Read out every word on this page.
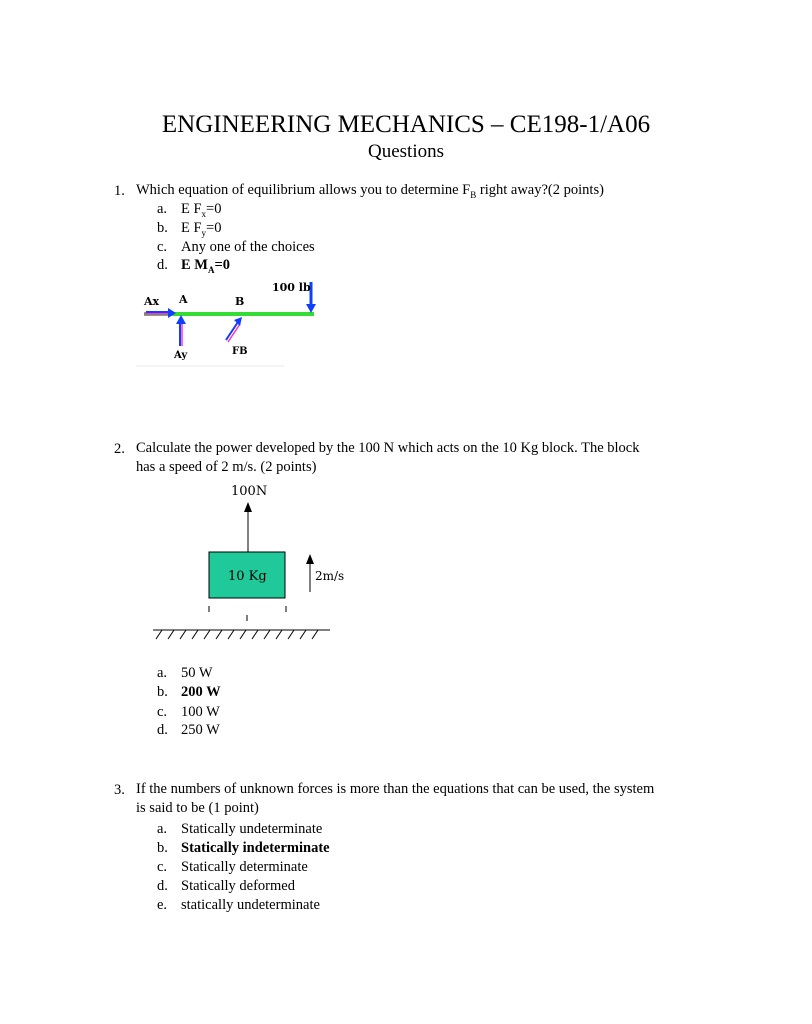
ENGINEERING MECHANICS – CE198-1/A06
Questions
1. Which equation of equilibrium allows you to determine $F_B$ right away?(2 points)
a. E $F_x=0$
b. E $F_y=0$
c. Any one of the choices
d. E $M_A=0$
100 lb
Ax A
Ay
B
FB
2. Calculate the power developed by the 100 N which acts on the 10 Kg block. The block
has a speed of 2 m/s. (2 points)
100N
10 Kg	2m/s
a. 50 W
b. 200 W
c. 100 W
d. 250 W
3. If the numbers of unknown forces is more than the equations that can be used, the system
is said to be (1 point)
a. Statically undeterminate
b. Statically indeterminate
c. Statically determinate
d. Statically deformed
e. statically undeterminate
